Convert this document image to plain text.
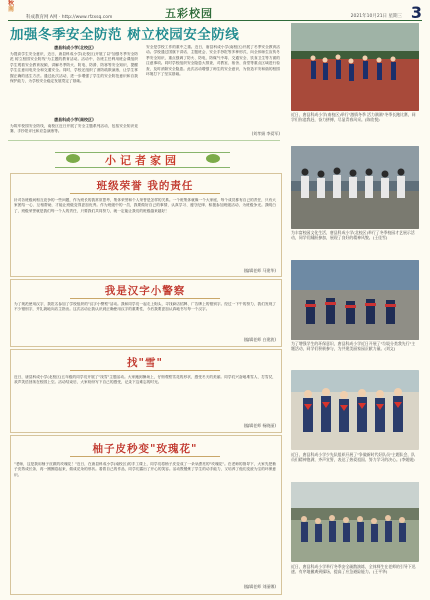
秋
南
科成教育网 A网 · http://www.rfzxsq.com	五彩校园	2021年10月21日 星期三 3
加强冬季安全防范 树立校园安全防线
唐县科成小学(北校区)
为提高学生安全意识，近日，唐县科成小学(北校区)开展了以"加强冬季安全防范 树立校园安全防线"为主题的教育活动。活动中，各班主任利用班会课组织学生观看安全教育视频，讲解冬季防火、防电、防滑、防寒等安全知识，提醒学生注意用电安全和交通安全。同时，学校还组织了消防疏散演练，让学生掌握正确的逃生方法。通过此次活动，进一步增强了学生的安全防范意识和自我保护能力，为学校安全稳定发展奠定了基础。
唐县科成小学(南校区)
为筑牢校园安全防线，南校区近日开展了安全主题系列活动，包括安全知识竞赛、手抄报评比和应急演练等。
安全是学校工作的重中之重。近日，唐县科成小学(南校区)开展了冬季安全教育活动。学校通过国旗下讲话、主题班会、安全手抄报等多种形式，向全体师生宣传冬季安全知识，重点强调了防火、防电、防煤气中毒、交通安全、饮食卫生等方面的注意事项。同时学校组织安全隐患大排查，对教室、宿舍、食堂等重点区域进行检查，及时消除安全隐患。此次活动增强了师生的安全意识，为营造平安和谐的校园环境打下了坚实基础。
(刘孝娟 李爱军)
小记者家园
班级荣誉 我的责任
针对各班级间相互竞争的一些问题，作为班长的我常常思考，集体荣誉和个人荣誉是怎样的关系。一个班集体就像一个大家庭，每个成员都有自己的责任，只有大家团结一心、互相帮助，才能让班级变得更加优秀。作为班级中的一员，我要做好自己的事情，认真学习、遵守纪律、积极参加班级活动，为班级争光。我明白了，班级荣誉就是我们每一个人的责任，只要我们共同努力，就一定能让我们的班级越来越好！
(编辑老师 马建华)
我是汉字小警察
为了规范使用汉字，我报名参加了学校组织的"汉字小警察"活动。我和同学们一起走上街头，寻找商店招牌、广告牌上的错别字。经过一下午的努力，我们发现了不少错别字，并礼貌地向店主指出。这次活动让我认识到正确使用汉字的重要性，今后我要更加认真地书写每一个汉字。
(编辑老师 白建波)
找"雪"
近日，唐县科成小学(北校区)五年级的同学们开展了"找雪"主题活动。大家跑到操场上，仔细观察雪花的形状，感受冬天的美丽。同学们兴奋地堆雪人、打雪仗，欢声笑语回荡在校园上空。活动结束后，大家纷纷写下自己的感受，记录下这难忘的时光。
(编辑老师 杨晓丽)
柚子皮秒变"玫瑰花"
"老师，这是我用柚子皮做的玫瑰花！"近日，在唐县科成小学(南校区)的手工课上，同学们将柚子皮变成了一朵朵漂亮的"玫瑰花"。在老师的指导下，大家先把柚子皮剪成长条，再一圈圈卷起来，做成花朵的形状。看着自己的作品，同学们露出了开心的笑容。活动既锻炼了学生的动手能力，又培养了他们变废为宝的环保意识。
(编辑老师 刘丽娜)
近日，唐县科成小学(南校区)举行"激情冬季 活力满满"冬季长跑比赛，同学们你追我赶，奋力拼搏，尽显青春风采。(陈欣悦)
为丰富校园文化生活，唐县科成小学(北校区)举行了冬季校园才艺展示活动，同学们踊跃参加，展现了良好的精神风貌。(王佳雪)
为了增强学生的环保意识，唐县科成小学近日开展了"垃圾分类我先行"主题活动，同学们积极参与，为共建美丽家园贡献力量。(刘文)
近日，唐县科成小学少先队组织开展了"争做新时代好队员"主题队会，队员们精神饱满，齐声宣誓，表达了热爱祖国、努力学习的决心。(李媛媛)
近日，唐县科成小学举行冬季安全疏散演练，全体师生在老师的引导下迅速、有序地撤离到操场，提高了应急避险能力。(王平华)
